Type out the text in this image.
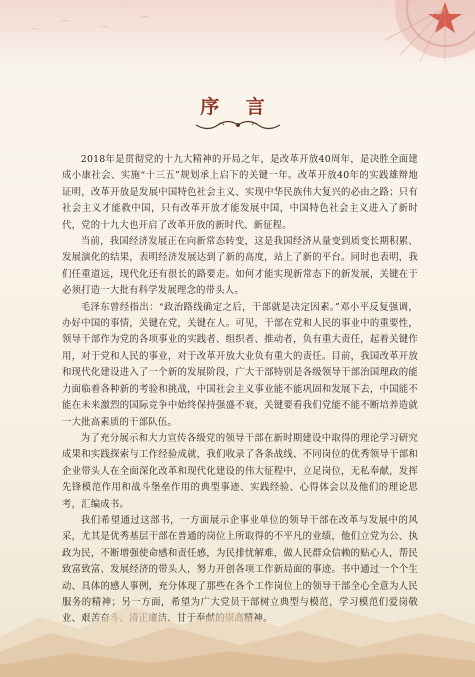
序 言

2018年是贯彻党的十九大精神的开局之年，是改革开放40周年，是决胜全面建成小康社会、实施“十三五”规划承上启下的关键一年。改革开放40年的实践雄辩地证明，改革开放是发展中国特色社会主义、实现中华民族伟大复兴的必由之路；只有社会主义才能救中国，只有改革开放才能发展中国，中国特色社会主义进入了新时代，党的十九大也开启了改革开放的新时代、新征程。

当前，我国经济发展正在向新常态转变，这是我国经济从量变到质变长期积累、发展演化的结果，表明经济发展达到了新的高度，站上了新的平台。同时也表明，我们任重道远，现代化还有很长的路要走。如何才能实现新常态下的新发展，关键在于必须打造一大批有科学发展理念的带头人。

毛泽东曾经指出：“政治路线确定之后，干部就是决定因素。”邓小平反复强调，办好中国的事情，关键在党，关键在人。可见，干部在党和人民的事业中的重要性，领导干部作为党的各项事业的实践者、组织者、推动者，负有重大责任，起着关键作用，对于党和人民的事业，对于改革开放大业负有重大的责任。目前，我国改革开放和现代化建设进入了一个新的发展阶段，广大干部特别是各级领导干部治国理政的能力面临着各种新的考验和挑战，中国社会主义事业能不能巩固和发展下去，中国能不能在未来激烈的国际竞争中始终保持强盛不衰，关键要看我们党能不能不断培养造就一大批高素质的干部队伍。

为了充分展示和大力宣传各级党的领导干部在新时期建设中取得的理论学习研究成果和实践探索与工作经验成就，我们收录了各条战线、不同岗位的优秀领导干部和企业带头人在全面深化改革和现代化建设的伟大征程中，立足岗位，无私奉献，发挥先锋模范作用和战斗堡垒作用的典型事迹、实践经验、心得体会以及他们的理论思考，汇编成书。

我们希望通过这部书，一方面展示企事业单位的领导干部在改革与发展中的风采，尤其是优秀基层干部在普通的岗位上所取得的不平凡的业绩，他们立党为公、执政为民，不断增强使命感和责任感，为民排忧解难，做人民群众信赖的贴心人，帮民致富致富、发展经济的带头人，努力开创各项工作新局面的事迹。书中通过一个个生动、具体的感人事例，充分体现了那些在各个工作岗位上的领导干部全心全意为人民服务的精神；另一方面，希望为广大党员干部树立典型与模范，学习模范们爱岗敬业、艰苦奋斗、清正廉洁、甘于奉献的崇高精神。
